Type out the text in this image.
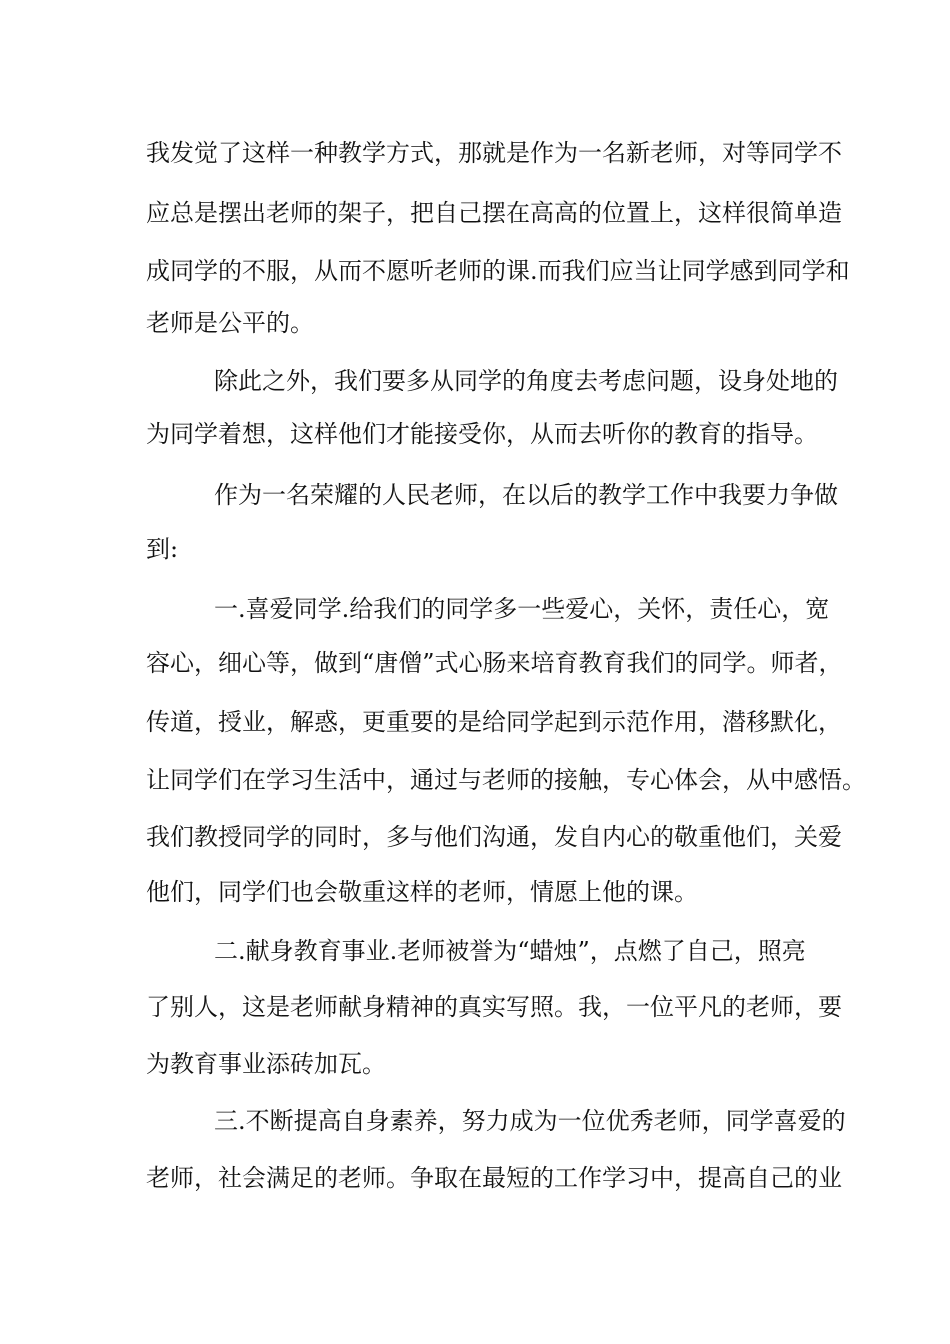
我发觉了这样一种教学方式，那就是作为一名新老师，对等同学不
应总是摆出老师的架子，把自己摆在高高的位置上，这样很简单造
成同学的不服，从而不愿听老师的课.而我们应当让同学感到同学和
老师是公平的。
除此之外，我们要多从同学的角度去考虑问题，设身处地的
为同学着想，这样他们才能接受你，从而去听你的教育的指导。
作为一名荣耀的人民老师，在以后的教学工作中我要力争做
到:
一.喜爱同学.给我们的同学多一些爱心，关怀，责任心，宽
容心，细心等，做到“唐僧”式心肠来培育教育我们的同学。师者，
传道，授业，解惑，更重要的是给同学起到示范作用，潜移默化，
让同学们在学习生活中，通过与老师的接触，专心体会，从中感悟。
我们教授同学的同时，多与他们沟通，发自内心的敬重他们，关爱
他们，同学们也会敬重这样的老师，情愿上他的课。
二.献身教育事业.老师被誉为“蜡烛”，点燃了自己，照亮
了别人，这是老师献身精神的真实写照。我，一位平凡的老师，要
为教育事业添砖加瓦。
三.不断提高自身素养，努力成为一位优秀老师，同学喜爱的
老师，社会满足的老师。争取在最短的工作学习中，提高自己的业
